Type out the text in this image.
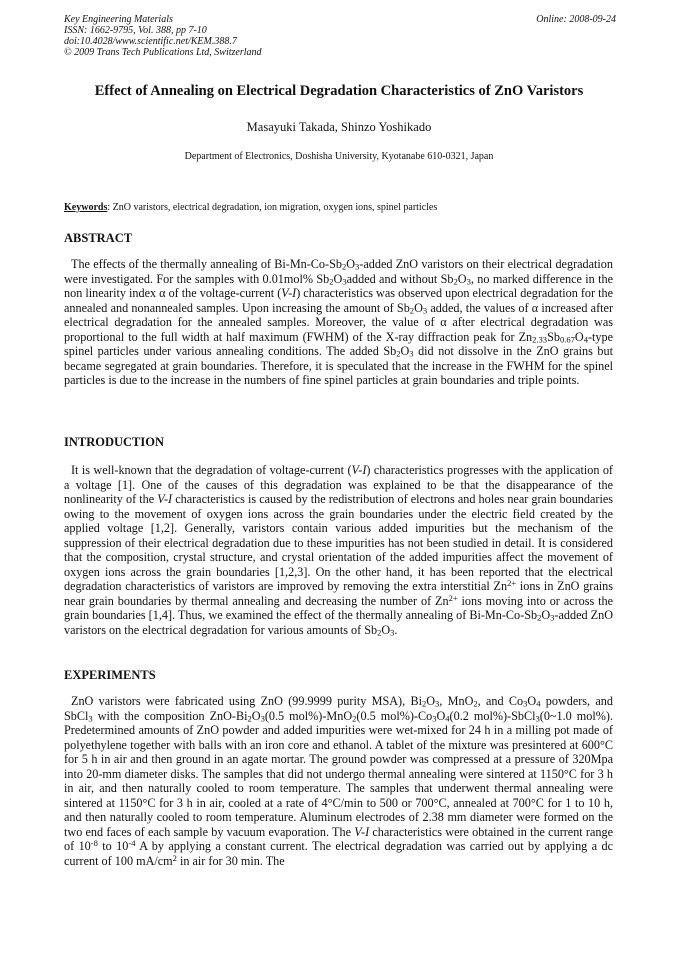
Key Engineering Materials
ISSN: 1662-9795, Vol. 388, pp 7-10
doi:10.4028/www.scientific.net/KEM.388.7
© 2009 Trans Tech Publications Ltd, Switzerland
Online: 2008-09-24
Effect of Annealing on Electrical Degradation Characteristics of ZnO Varistors
Masayuki Takada, Shinzo Yoshikado
Department of Electronics, Doshisha University, Kyotanabe 610-0321, Japan
Keywords: ZnO varistors, electrical degradation, ion migration, oxygen ions, spinel particles
ABSTRACT
The effects of the thermally annealing of $Bi-Mn-Co-Sb_2O_3$-added ZnO varistors on their electrical degradation were investigated. For the samples with 0.01mol% $Sb_2O_3added$ and without $Sb_2O_3$, no marked difference in the non linearity index α of the voltage-current (V-I) characteristics was observed upon electrical degradation for the annealed and nonannealed samples. Upon increasing the amount of $Sb_2O_3$ added, the values of α increased after electrical degradation for the annealed samples. Moreover, the value of α after electrical degradation was proportional to the full width at half maximum (FWHM) of the X-ray diffraction peak for $Zn_{2.33}Sb_{0.67}O_4$-type spinel particles under various annealing conditions. The added $Sb_2O_3$ did not dissolve in the ZnO grains but became segregated at grain boundaries. Therefore, it is speculated that the increase in the FWHM for the spinel particles is due to the increase in the numbers of fine spinel particles at grain boundaries and triple points.
INTRODUCTION
It is well-known that the degradation of voltage-current (V-I) characteristics progresses with the application of a voltage [1]. One of the causes of this degradation was explained to be that the disappearance of the nonlinearity of the V-I characteristics is caused by the redistribution of electrons and holes near grain boundaries owing to the movement of oxygen ions across the grain boundaries under the electric field created by the applied voltage [1,2]. Generally, varistors contain various added impurities but the mechanism of the suppression of their electrical degradation due to these impurities has not been studied in detail. It is considered that the composition, crystal structure, and crystal orientation of the added impurities affect the movement of oxygen ions across the grain boundaries [1,2,3]. On the other hand, it has been reported that the electrical degradation characteristics of varistors are improved by removing the extra interstitial $Zn^{2+}$ ions in ZnO grains near grain boundaries by thermal annealing and decreasing the number of $Zn^{2+}$ ions moving into or across the grain boundaries [1,4]. Thus, we examined the effect of the thermally annealing of $Bi-Mn-Co-Sb_2O_3$-added ZnO varistors on the electrical degradation for various amounts of $Sb_2O_3$.
EXPERIMENTS
ZnO varistors were fabricated using ZnO (99.9999 purity MSA), $Bi_2O_3$, MnO$_2$, and $Co_3O_4$ powders, and SbCl$_3$ with the composition ZnO-$Bi_2O_3(0.5$ mol%)-MnO$_2$(0.5 $mol\%)-Co_3O_4(0.2$ mol%)-SbCl$_3$(0~1.0 mol%). Predetermined amounts of ZnO powder and added impurities were wet-mixed for 24 h in a milling pot made of polyethylene together with balls with an iron core and ethanol. A tablet of the mixture was presintered at 600°C for 5 h in air and then ground in an agate mortar. The ground powder was compressed at a pressure of 320Mpa into 20-mm diameter disks. The samples that did not undergo thermal annealing were sintered at 1150°C for 3 h in air, and then naturally cooled to room temperature. The samples that underwent thermal annealing were sintered at 1150°C for 3 h in air, cooled at a rate of 4°C/min to 500 or 700°C, annealed at 700°C for 1 to 10 h, and then naturally cooled to room temperature. Aluminum electrodes of 2.38 mm diameter were formed on the two end faces of each sample by vacuum evaporation. The V-I characteristics were obtained in the current range of $10^{-8}$ to $10^{-4}$ A by applying a constant current. The electrical degradation was carried out by applying a dc current of 100 $mA/cm^2$ in air for 30 min. The
